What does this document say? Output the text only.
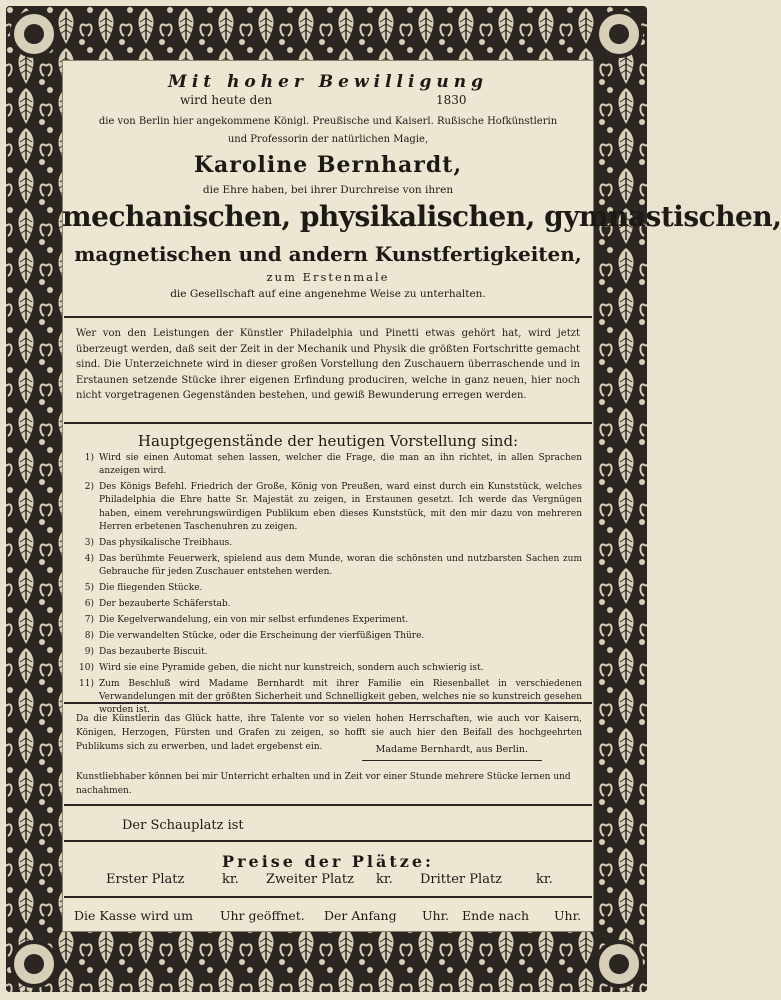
Mit hoher Bewilligung
wird heute den	1830
die von Berlin hier angekommene Königl. Preußische und Kaiserl. Rußische Hofkünstlerin
und Professorin der natürlichen Magie,
Karoline Bernhardt,
die Ehre haben, bei ihrer Durchreise von ihren
mechanischen, physikalischen, gymnastischen,
magnetischen und andern Kunstfertigkeiten,
zum Erstenmale
die Gesellschaft auf eine angenehme Weise zu unterhalten.
Wer von den Leistungen der Künstler Philadelphia und Pinetti etwas gehört hat, wird jetzt überzeugt werden, daß seit der Zeit in der Mechanik und Physik die größten Fortschritte gemacht sind. Die Unterzeichnete wird in dieser großen Vorstellung den Zuschauern überraschende und in Erstaunen setzende Stücke ihrer eigenen Erfindung produciren, welche in ganz neuen, hier noch nicht vorgetragenen Gegenständen bestehen, und gewiß Bewunderung erregen werden.
Hauptgegenstände der heutigen Vorstellung sind:
1) Wird sie einen Automat sehen lassen, welcher die Frage, die man an ihn richtet, in allen Sprachen anzeigen wird.
2) Des Königs Befehl. Friedrich der Große, König von Preußen, ward einst durch ein Kunststück, welches Philadelphia die Ehre hatte Sr. Majestät zu zeigen, in Erstaunen gesetzt. Ich werde das Vergnügen haben, einem verehrungswürdigen Publikum eben dieses Kunststück, mit den mir dazu von mehreren Herren erbetenen Taschenuhren zu zeigen.
3) Das physikalische Treibhaus.
4) Das berühmte Feuerwerk, spielend aus dem Munde, woran die schönsten und nutzbarsten Sachen zum Gebrauche für jeden Zuschauer entstehen werden.
5) Die fliegenden Stücke.
6) Der bezauberte Schäferstab.
7) Die Kegelverwandelung, ein von mir selbst erfundenes Experiment.
8) Die verwandelten Stücke, oder die Erscheinung der vierfüßigen Thüre.
9) Das bezauberte Biscuit.
10) Wird sie eine Pyramide geben, die nicht nur kunstreich, sondern auch schwierig ist.
11) Zum Beschluß wird Madame Bernhardt mit ihrer Familie ein Riesenballet in verschiedenen Verwandelungen mit der größten Sicherheit und Schnelligkeit geben, welches nie so kunstreich gesehen worden ist.
Da die Künstlerin das Glück hatte, ihre Talente vor so vielen hohen Herrschaften, wie auch vor Kaisern, Königen, Herzogen, Fürsten und Grafen zu zeigen, so hofft sie auch hier den Beifall des hochgeehrten Publikums sich zu erwerben, und ladet ergebenst ein.	Madame Bernhardt, aus Berlin.
Kunstliebhaber können bei mir Unterricht erhalten und in Zeit vor einer Stunde mehrere Stücke lernen und nachahmen.
Der Schauplatz ist
Preise der Plätze:
Erster Platz	kr. Zweiter Platz kr. Dritter Platz	kr.
Die Kasse wird um Uhr geöffnet. Der Anfang Uhr. Ende nach Uhr.
